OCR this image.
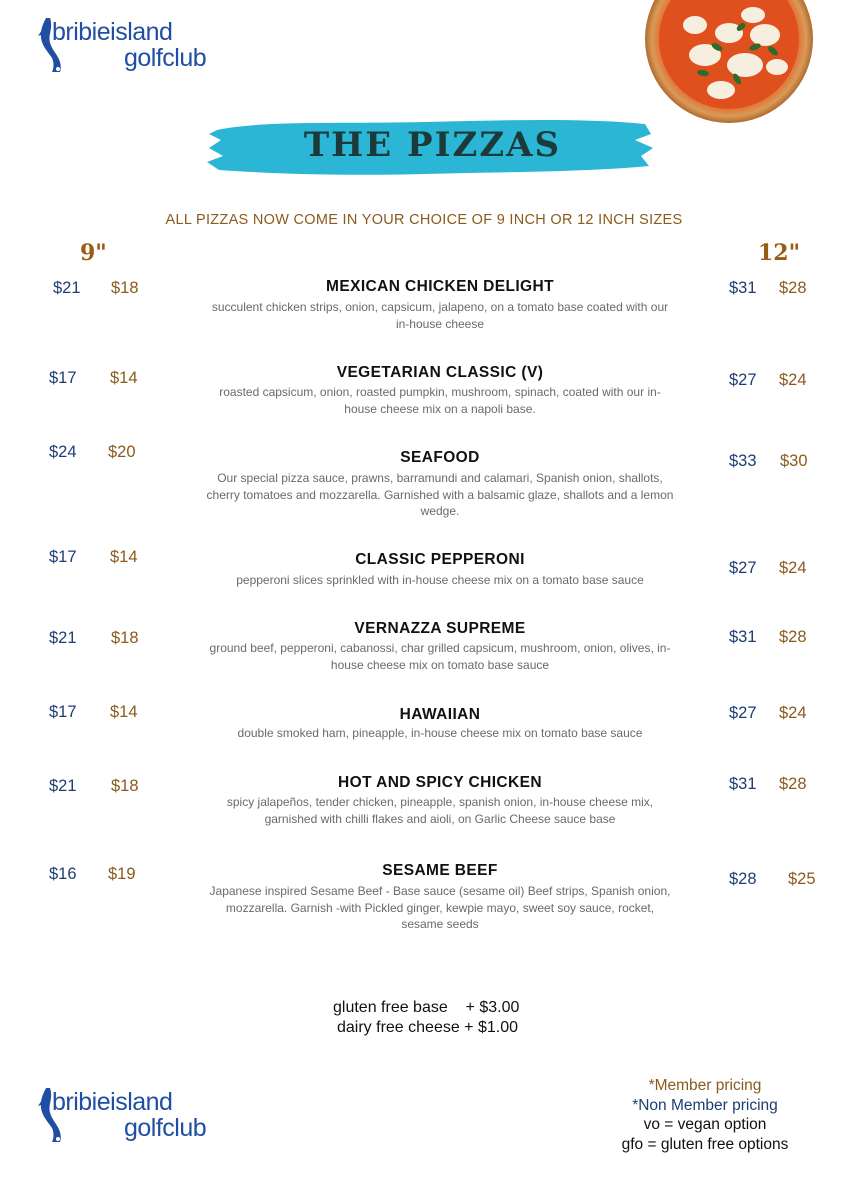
bribieisland
golfclub
THE PIZZAS
ALL PIZZAS NOW COME IN YOUR CHOICE OF 9 INCH OR 12 INCH SIZES
9"	12"
$21 $18	MEXICAN CHICKEN DELIGHT
succulent chicken strips, onion, capsicum, jalapeno, on a tomato base coated with our in-house cheese
$31 $28
$17 $14	VEGETARIAN CLASSIC (V)
roasted capsicum, onion, roasted pumpkin, mushroom, spinach, coated with our in-house cheese mix on a napoli base.
$27 $24
$24 $20	SEAFOOD
Our special pizza sauce, prawns, barramundi and calamari, Spanish onion, shallots, cherry tomatoes and mozzarella. Garnished with a balsamic glaze, shallots and a lemon wedge.
$33 $30
$17 $14	CLASSIC PEPPERONI
pepperoni slices sprinkled with in-house cheese mix on a tomato base sauce
$27 $24
$21 $18
VERNAZZA SUPREME
ground beef, pepperoni, cabanossi, char grilled capsicum, mushroom, onion, olives, in-house cheese mix on tomato base sauce
$31 $28
$17 $14	HAWAIIAN
double smoked ham, pineapple, in-house cheese mix on tomato base sauce
$27 $24
$21 $18	HOT AND SPICY CHICKEN
spicy jalapeños, tender chicken, pineapple, spanish onion, in-house cheese mix, garnished with chilli flakes and aioli, on Garlic Cheese sauce base
$31 $28
$16 $19	SESAME BEEF
Japanese inspired Sesame Beef - Base sauce (sesame oil) Beef strips, Spanish onion, mozzarella. Garnish -with Pickled ginger, kewpie mayo, sweet soy sauce, rocket, sesame seeds
$28 $25
gluten free base    + $3.00
dairy free cheese + $1.00
bribieisland
golfclub
*Member pricing
*Non Member pricing
vo = vegan option
gfo = gluten free options
